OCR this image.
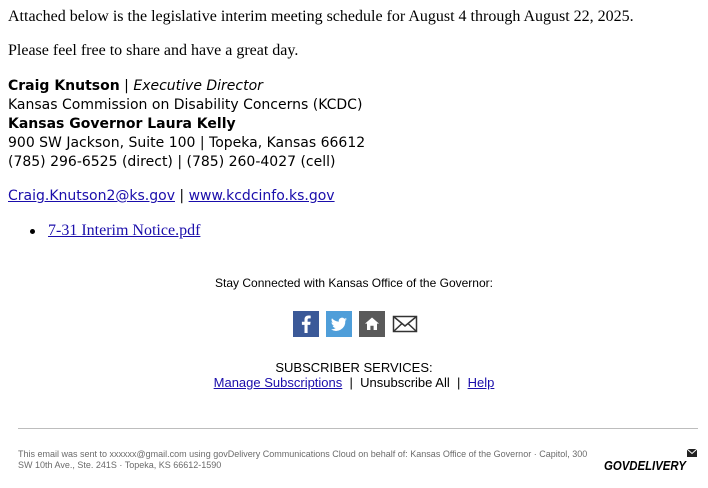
Attached below is the legislative interim meeting schedule for August 4 through August 22, 2025.
Please feel free to share and have a great day.
Craig Knutson | Executive Director
Kansas Commission on Disability Concerns (KCDC)
Kansas Governor Laura Kelly
900 SW Jackson, Suite 100 | Topeka, Kansas 66612
(785) 296-6525 (direct) | (785) 260-4027 (cell)
Craig.Knutson2@ks.gov | www.kcdcinfo.ks.gov
7-31 Interim Notice.pdf
Stay Connected with Kansas Office of the Governor:
SUBSCRIBER SERVICES:
Manage Subscriptions | Unsubscribe All | Help
This email was sent to xxxxxx@gmail.com using govDelivery Communications Cloud on behalf of: Kansas Office of the Governor · Capitol, 300 SW 10th Ave., Ste. 241S · Topeka, KS 66612-1590	GOVDELIVERY
